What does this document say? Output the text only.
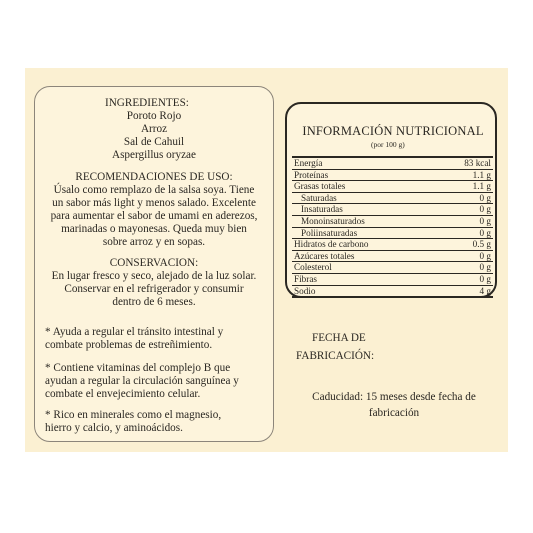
INGREDIENTES:
Poroto Rojo
Arroz
Sal de Cahuil
Aspergillus oryzae
RECOMENDACIONES DE USO:
Úsalo como remplazo de la salsa soya. Tiene
un sabor más light y menos salado. Excelente
para aumentar el sabor de umami en aderezos,
marinadas o mayonesas. Queda muy bien
sobre arroz y en sopas.
CONSERVACION:
En lugar fresco y seco, alejado de la luz solar.
Conservar en el refrigerador y consumir
dentro de 6 meses.
* Ayuda a regular el tránsito intestinal y
combate problemas de estreñimiento.
* Contiene vitaminas del complejo B que
ayudan a regular la circulación sanguínea y
combate el envejecimiento celular.
* Rico en minerales como el magnesio,
hierro y calcio, y aminoácidos.
INFORMACIÓN NUTRICIONAL
(por 100 g)
Energía	83 kcal
Proteínas	1.1 g
Grasas totales	1.1 g
Saturadas	0 g
Insaturadas	0 g
Monoinsaturados	0 g
Poliinsaturadas	0 g
Hidratos de carbono	0.5 g
Azúcares totales	0 g
Colesterol	0 g
Fibras	0 g
Sodio	4 g
FECHA DE
FABRICACIÓN:
Caducidad: 15 meses desde fecha de
fabricación
